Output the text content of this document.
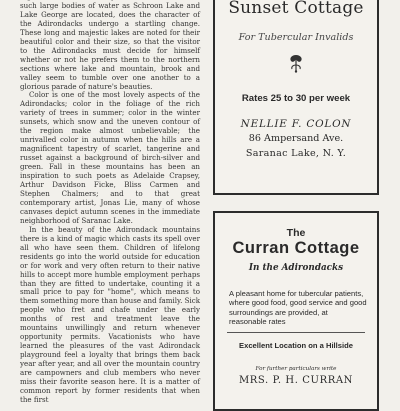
such large bodies of water as Schroon Lake and Lake George are located, does the character of the Adirondacks undergo a startling change. These long and majestic lakes are noted for their beautiful color and their size, so that the visitor to the Adirondacks must decide for himself whether or not he prefers them to the northern sections where lake and mountain, brook and valley seem to tumble over one another to a glorious parade of nature's beauties.

Color is one of the most lovely aspects of the Adirondacks; color in the foliage of the rich variety of trees in summer; color in the winter sunsets, which snow and the uneven contour of the region make almost unbelievable; the unrivalled color in autumn when the hills are a magnificent tapestry of scarlet, tangerine and russet against a background of birch-silver and green. Fall in these mountains has been an inspiration to such poets as Adelaide Crapsey, Arthur Davidson Ficke, Bliss Carmen and Stephen Chalmers; and to that great contemporary artist, Jonas Lie, many of whose canvases depict autumn scenes in the immediate neighborhood of Saranac Lake.

In the beauty of the Adirondack mountains there is a kind of magic which casts its spell over all who have seen them. Children of lifelong residents go into the world outside for education or for work and very often return to their native hills to accept more humble employment perhaps than they are fitted to undertake, counting it a small price to pay for "home", which means to them something more than house and family. Sick people who fret and chafe under the early months of rest and treatment leave the mountains unwillingly and return whenever opportunity permits. Vacationists who have learned the pleasures of the vast Adirondack playground feel a loyalty that brings them back year after year, and all over the mountain country are campowners and club members who never miss their favorite season here. It is a matter of common report by former residents that when the first

Sunset Cottage
For Tubercular Invalids
Rates 25 to 30 per week
NELLIE F. COLON
86 Ampersand Ave.
Saranac Lake, N. Y.
The
Curran Cottage
In the Adirondacks
A pleasant home for tubercular patients, where good food, good service and good surroundings are provided, at reasonable rates
Excellent Location on a Hillside
For further particulars write
MRS. P. H. CURRAN
